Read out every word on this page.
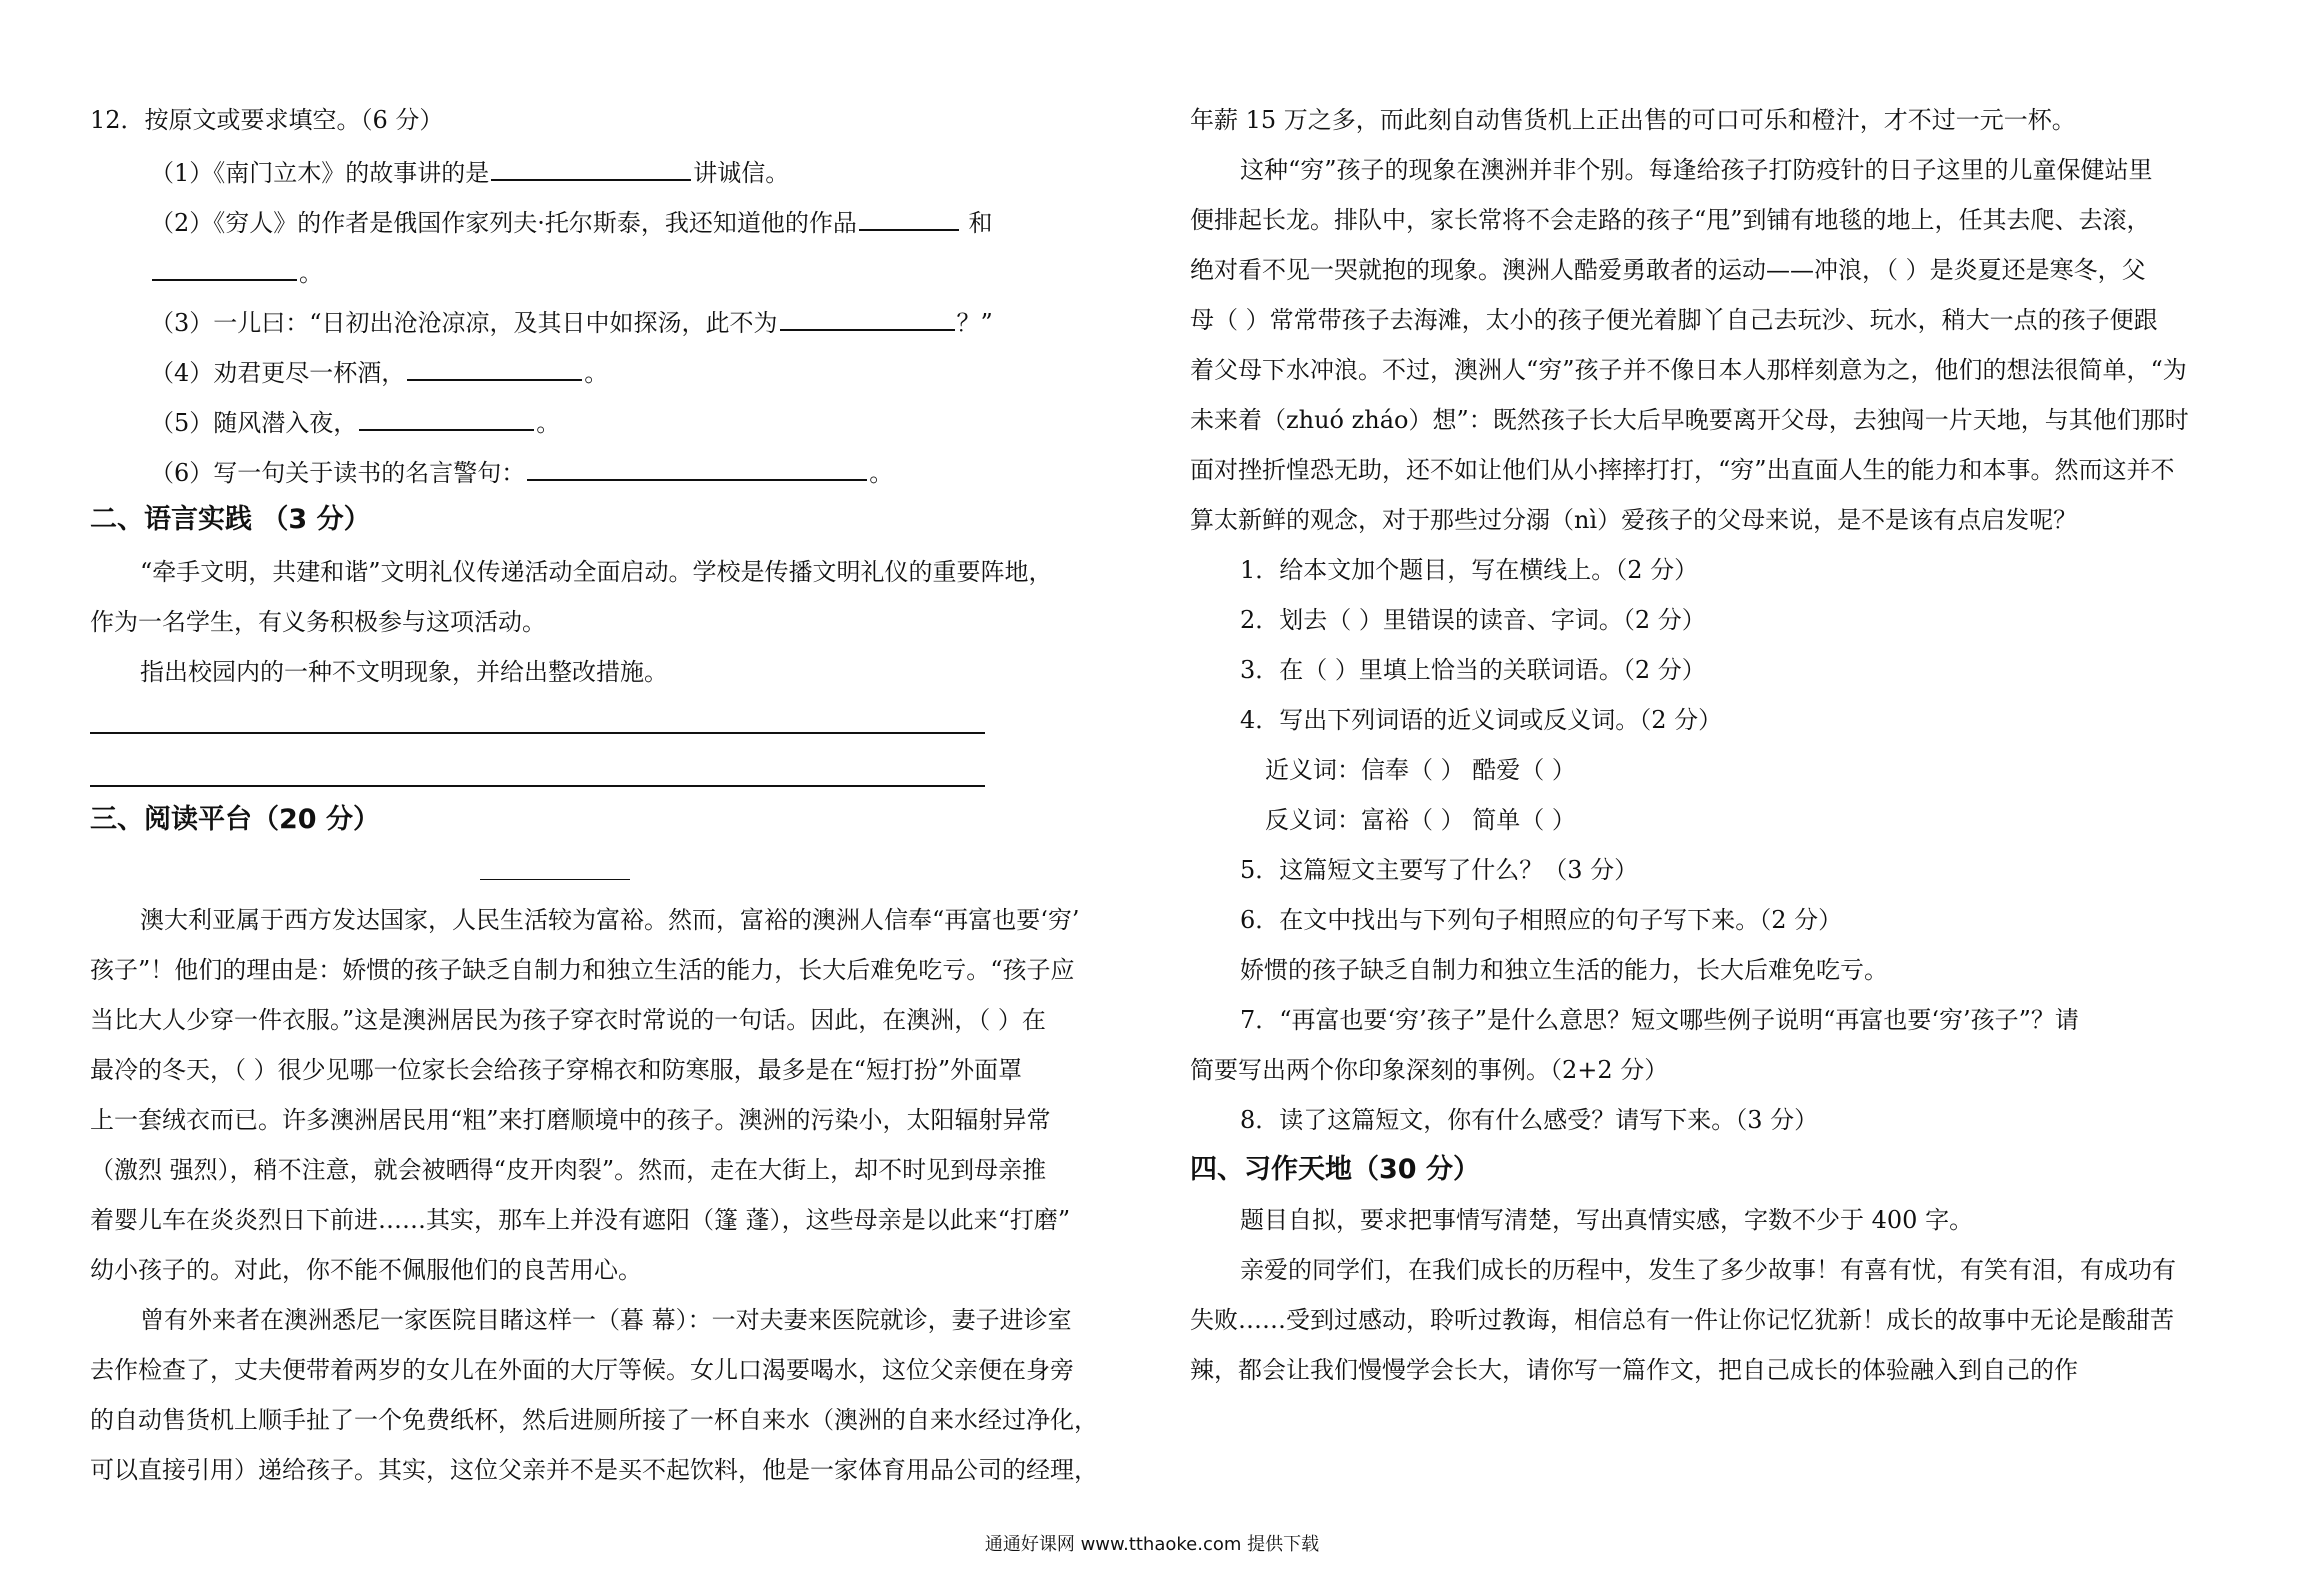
12．按原文或要求填空。（6 分）
（1）《南门立木》的故事讲的是	讲诚信。
（2）《穷人》的作者是俄国作家列夫·托尔斯泰，我还知道他的作品	和
。
（3）一儿曰：“日初出沧沧凉凉，及其日中如探汤，此不为	？”
（4）劝君更尽一杯酒，	。
（5）随风潜入夜，	。
（6）写一句关于读书的名言警句：	。
二、语言实践 （3 分）
“牵手文明，共建和谐”文明礼仪传递活动全面启动。学校是传播文明礼仪的重要阵地，
作为一名学生，有义务积极参与这项活动。
指出校园内的一种不文明现象，并给出整改措施。
三、阅读平台（20 分）
澳大利亚属于西方发达国家，人民生活较为富裕。然而，富裕的澳洲人信奉“再富也要‘穷’
孩子”！他们的理由是：娇惯的孩子缺乏自制力和独立生活的能力，长大后难免吃亏。“孩子应
当比大人少穿一件衣服。”这是澳洲居民为孩子穿衣时常说的一句话。因此，在澳洲，（ ）在
最冷的冬天，（ ）很少见哪一位家长会给孩子穿棉衣和防寒服，最多是在“短打扮”外面罩
上一套绒衣而已。许多澳洲居民用“粗”来打磨顺境中的孩子。澳洲的污染小，太阳辐射异常
（激烈 强烈），稍不注意，就会被晒得“皮开肉裂”。然而，走在大街上，却不时见到母亲推
着婴儿车在炎炎烈日下前进……其实，那车上并没有遮阳（篷 蓬），这些母亲是以此来“打磨”
幼小孩子的。对此，你不能不佩服他们的良苦用心。
曾有外来者在澳洲悉尼一家医院目睹这样一（暮 幕）：一对夫妻来医院就诊，妻子进诊室
去作检查了，丈夫便带着两岁的女儿在外面的大厅等候。女儿口渴要喝水，这位父亲便在身旁
的自动售货机上顺手扯了一个免费纸杯，然后进厕所接了一杯自来水（澳洲的自来水经过净化，
可以直接引用）递给孩子。其实，这位父亲并不是买不起饮料，他是一家体育用品公司的经理，
年薪 15 万之多，而此刻自动售货机上正出售的可口可乐和橙汁，才不过一元一杯。
这种“穷”孩子的现象在澳洲并非个别。每逢给孩子打防疫针的日子这里的儿童保健站里
便排起长龙。排队中，家长常将不会走路的孩子“甩”到铺有地毯的地上，任其去爬、去滚，
绝对看不见一哭就抱的现象。澳洲人酷爱勇敢者的运动——冲浪，（ ）是炎夏还是寒冬，父
母（ ）常常带孩子去海滩，太小的孩子便光着脚丫自己去玩沙、玩水，稍大一点的孩子便跟
着父母下水冲浪。不过，澳洲人“穷”孩子并不像日本人那样刻意为之，他们的想法很简单，“为
未来着（zhuó zháo）想”：既然孩子长大后早晚要离开父母，去独闯一片天地，与其他们那时
面对挫折惶恐无助，还不如让他们从小摔摔打打，“穷”出直面人生的能力和本事。然而这并不
算太新鲜的观念，对于那些过分溺（nì）爱孩子的父母来说，是不是该有点启发呢？
1．给本文加个题目，写在横线上。（2 分）
2．划去（ ）里错误的读音、字词。（2 分）
3．在（ ）里填上恰当的关联词语。（2 分）
4．写出下列词语的近义词或反义词。（2 分）
近义词：信奉（ ） 酷爱（ ）
反义词：富裕（ ） 简单（ ）
5．这篇短文主要写了什么？（3 分）
6．在文中找出与下列句子相照应的句子写下来。（2 分）
娇惯的孩子缺乏自制力和独立生活的能力，长大后难免吃亏。
7．“再富也要‘穷’孩子”是什么意思？短文哪些例子说明“再富也要‘穷’孩子”？请
简要写出两个你印象深刻的事例。（2+2 分）
8．读了这篇短文，你有什么感受？请写下来。（3 分）
四、习作天地（30 分）
题目自拟，要求把事情写清楚，写出真情实感，字数不少于 400 字。
亲爱的同学们，在我们成长的历程中，发生了多少故事！有喜有忧，有笑有泪，有成功有
失败……受到过感动，聆听过教诲，相信总有一件让你记忆犹新！成长的故事中无论是酸甜苦
辣，都会让我们慢慢学会长大，请你写一篇作文，把自己成长的体验融入到自己的作
通通好课网 www.tthaoke.com 提供下载
